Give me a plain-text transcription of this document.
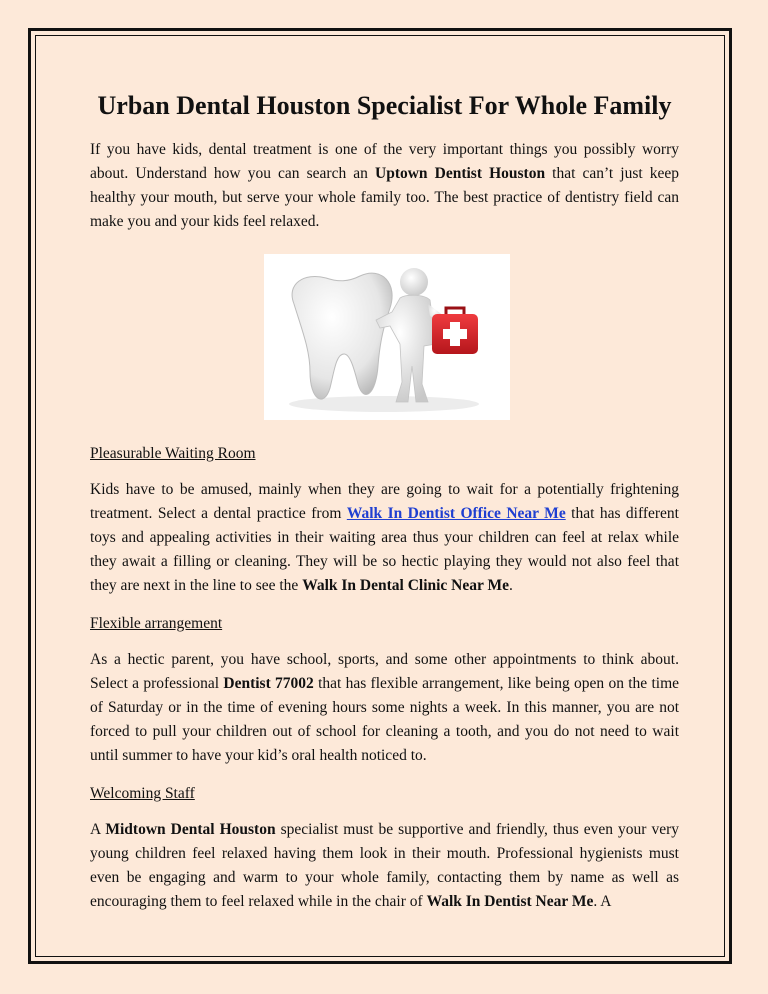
Urban Dental Houston Specialist For Whole Family

If you have kids, dental treatment is one of the very important things you possibly worry about. Understand how you can search an Uptown Dentist Houston that can’t just keep healthy your mouth, but serve your whole family too. The best practice of dentistry field can make you and your kids feel relaxed.

Pleasurable Waiting Room

Kids have to be amused, mainly when they are going to wait for a potentially frightening treatment. Select a dental practice from Walk In Dentist Office Near Me that has different toys and appealing activities in their waiting area thus your children can feel at relax while they await a filling or cleaning. They will be so hectic playing they would not also feel that they are next in the line to see the Walk In Dental Clinic Near Me.

Flexible arrangement

As a hectic parent, you have school, sports, and some other appointments to think about. Select a professional Dentist 77002 that has flexible arrangement, like being open on the time of Saturday or in the time of evening hours some nights a week. In this manner, you are not forced to pull your children out of school for cleaning a tooth, and you do not need to wait until summer to have your kid’s oral health noticed to.

Welcoming Staff

A Midtown Dental Houston specialist must be supportive and friendly, thus even your very young children feel relaxed having them look in their mouth. Professional hygienists must even be engaging and warm to your whole family, contacting them by name as well as encouraging them to feel relaxed while in the chair of Walk In Dentist Near Me. A
